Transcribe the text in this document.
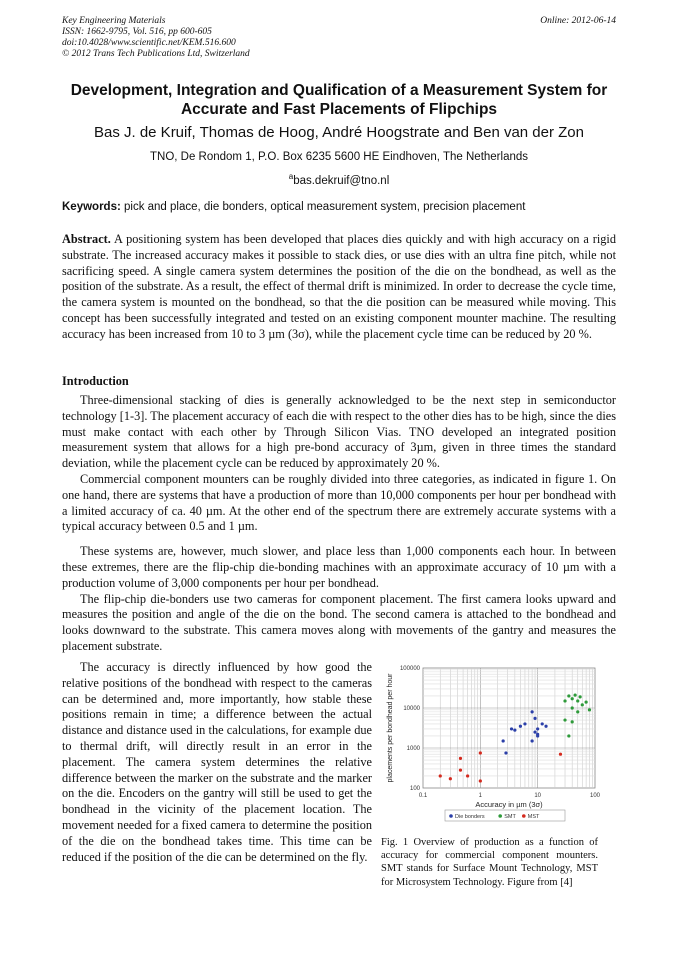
Key Engineering Materials
ISSN: 1662-9795, Vol. 516, pp 600-605
doi:10.4028/www.scientific.net/KEM.516.600
© 2012 Trans Tech Publications Ltd, Switzerland
Online: 2012-06-14
Development, Integration and Qualification of a Measurement System for Accurate and Fast Placements of Flipchips
Bas J. de Kruif, Thomas de Hoog, André Hoogstrate and Ben van der Zon
TNO, De Rondom 1, P.O. Box 6235 5600 HE Eindhoven, The Netherlands
$^a$bas.dekruif@tno.nl
Keywords: pick and place, die bonders, optical measurement system, precision placement
Abstract. A positioning system has been developed that places dies quickly and with high accuracy on a rigid substrate. The increased accuracy makes it possible to stack dies, or use dies with an ultra fine pitch, while not sacrificing speed. A single camera system determines the position of the die on the bondhead, as well as the position of the substrate. As a result, the effect of thermal drift is minimized. In order to decrease the cycle time, the camera system is mounted on the bondhead, so that the die position can be measured while moving. This concept has been successfully integrated and tested on an existing component mounter machine. The resulting accuracy has been increased from 10 to 3 µm (3σ), while the placement cycle time can be reduced by 20 %.
Introduction

Three-dimensional stacking of dies is generally acknowledged to be the next step in semiconductor technology [1-3]. The placement accuracy of each die with respect to the other dies has to be high, since the dies must make contact with each other by Through Silicon Vias. TNO developed an integrated position measurement system that allows for a high pre-bond accuracy of 3µm, given in three times the standard deviation, while the placement cycle can be reduced by approximately 20 %.

Commercial component mounters can be roughly divided into three categories, as indicated in figure 1. On one hand, there are systems that have a production of more than 10,000 components per hour per bondhead with a limited accuracy of ca. 40 µm. At the other end of the spectrum there are extremely accurate systems with a typical accuracy between 0.5 and 1 µm.

These systems are, however, much slower, and place less than 1,000 components each hour. In between these extremes, there are the flip-chip die-bonding machines with an approximate accuracy of 10 µm with a production volume of 3,000 components per hour per bondhead.

The flip-chip die-bonders use two cameras for component placement. The first camera looks upward and measures the position and angle of the die on the bond. The second camera is attached to the bondhead and looks downward to the substrate. This camera moves along with movements of the gantry and measures the placement substrate.

The accuracy is directly influenced by how good the relative positions of the bondhead with respect to the cameras can be determined and, more importantly, how stable these positions remain in time; a difference between the actual distance and distance used in the calculations, for example due to thermal drift, will directly result in an error in the placement. The camera system determines the relative difference between the marker on the substrate and the marker on the die. Encoders on the gantry will still be used to get the bondhead in the vicinity of the placement location. The movement needed for a fixed camera to determine the position of the die on the bondhead takes time. This time can be reduced if the position of the die can be determined on the fly.

0.1	1	10	100
100
1000
10000
100000
Accuracy in µm (3σ)
placements per bondhead per hour
Die bonders	SMT MST
Fig. 1 Overview of production as a function of accuracy for commercial component mounters. SMT stands for Surface Mount Technology, MST for Microsystem Technology. Figure from [4]
